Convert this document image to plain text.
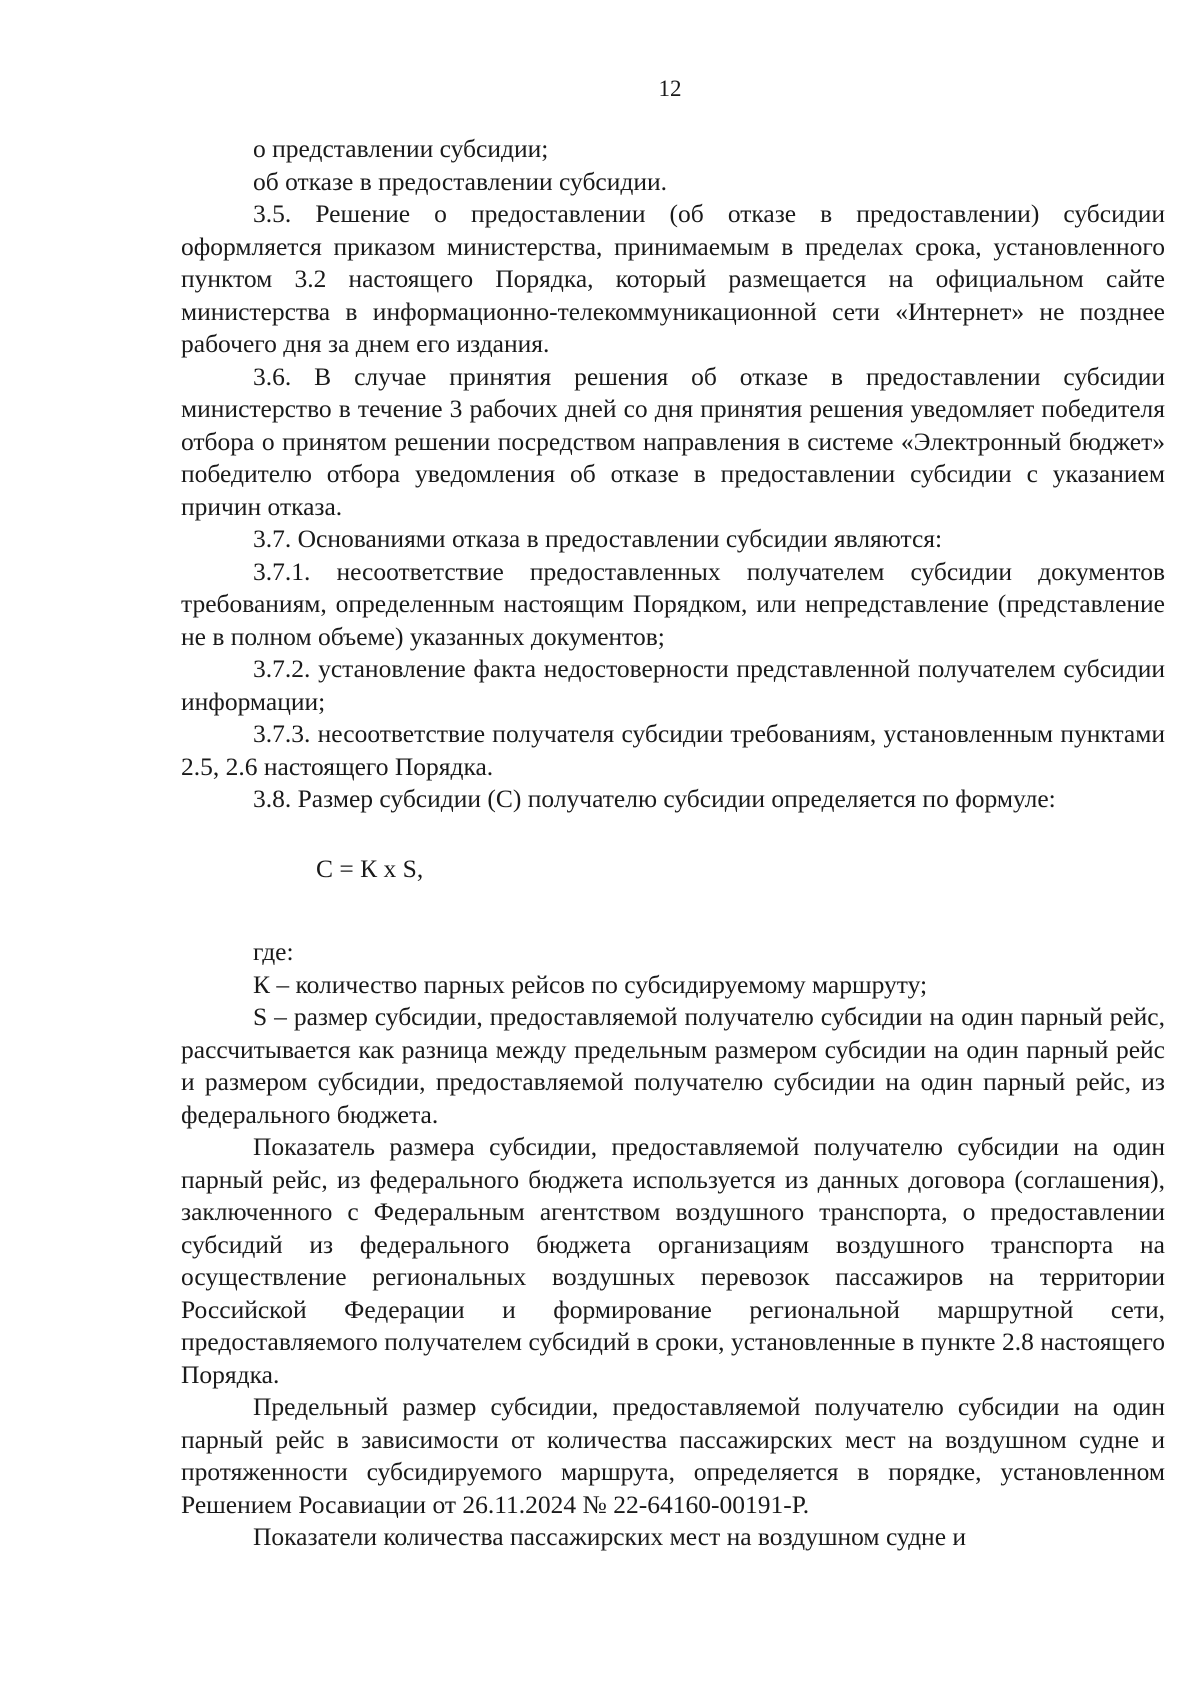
12

о представлении субсидии;

об отказе в предоставлении субсидии.

3.5. Решение о предоставлении (об отказе в предоставлении) субсидии оформляется приказом министерства, принимаемым в пределах срока, установленного пунктом 3.2 настоящего Порядка, который размещается на официальном сайте министерства в информационно-телекоммуникационной сети «Интернет» не позднее рабочего дня за днем его издания.

3.6. В случае принятия решения об отказе в предоставлении субсидии министерство в течение 3 рабочих дней со дня принятия решения уведомляет победителя отбора о принятом решении посредством направления в системе «Электронный бюджет» победителю отбора уведомления об отказе в предоставлении субсидии с указанием причин отказа.

3.7. Основаниями отказа в предоставлении субсидии являются:

3.7.1. несоответствие предоставленных получателем субсидии документов требованиям, определенным настоящим Порядком, или непредставление (представление не в полном объеме) указанных документов;

3.7.2. установление факта недостоверности представленной получателем субсидии информации;

3.7.3. несоответствие получателя субсидии требованиям, установленным пунктами 2.5, 2.6 настоящего Порядка.

3.8. Размер субсидии (С) получателю субсидии определяется по формуле:

С = К х S,

где:

К – количество парных рейсов по субсидируемому маршруту;

S – размер субсидии, предоставляемой получателю субсидии на один парный рейс, рассчитывается как разница между предельным размером субсидии на один парный рейс и размером субсидии, предоставляемой получателю субсидии на один парный рейс, из федерального бюджета.

Показатель размера субсидии, предоставляемой получателю субсидии на один парный рейс, из федерального бюджета используется из данных договора (соглашения), заключенного с Федеральным агентством воздушного транспорта, о предоставлении субсидий из федерального бюджета организациям воздушного транспорта на осуществление региональных воздушных перевозок пассажиров на территории Российской Федерации и формирование региональной маршрутной сети, предоставляемого получателем субсидий в сроки, установленные в пункте 2.8 настоящего Порядка.

Предельный размер субсидии, предоставляемой получателю субсидии на один парный рейс в зависимости от количества пассажирских мест на воздушном судне и протяженности субсидируемого маршрута, определяется в порядке, установленном Решением Росавиации от 26.11.2024 № 22-64160-00191-Р.

Показатели количества пассажирских мест на воздушном судне и
